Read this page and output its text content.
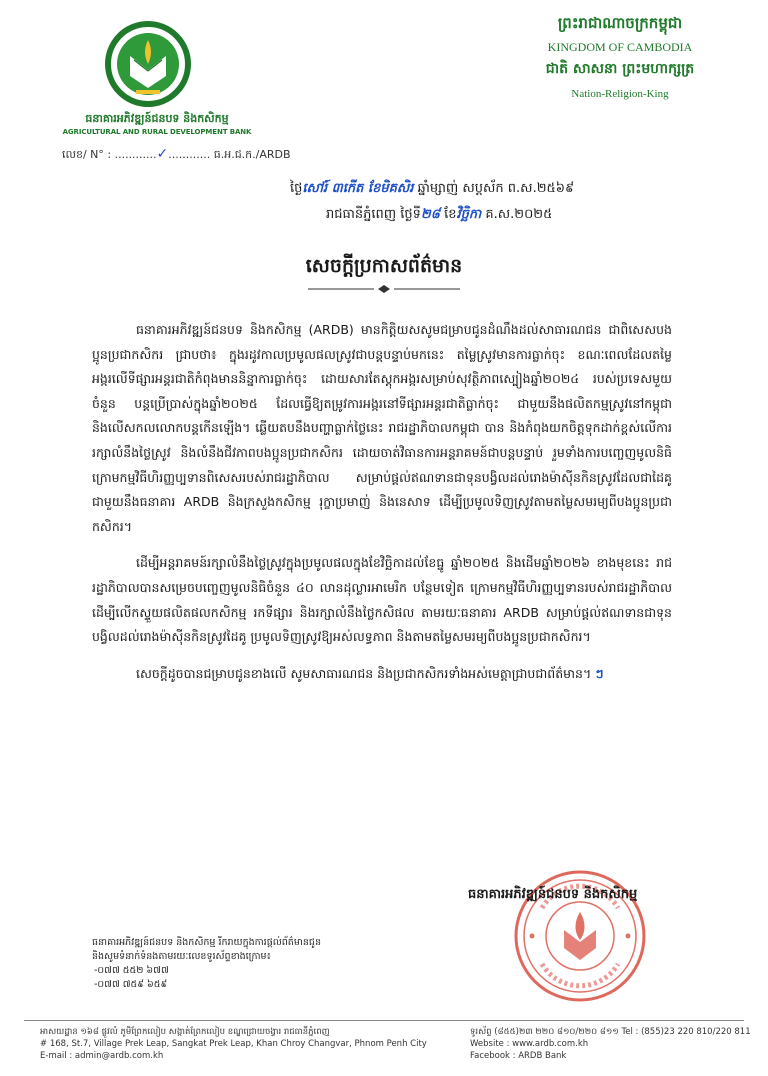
ធនាគារអភិវឌ្ឍន៍ជនបទ និងកសិកម្ម
AGRICULTURAL AND RURAL DEVELOPMENT BANK
លេខ/ N° : ............✓............ ធ.អ.ជ.ក./ARDB
ព្រះរាជាណាចក្រកម្ពុជា
KINGDOM OF CAMBODIA
ជាតិ សាសនា ព្រះមហាក្សត្រ
Nation-Religion-King
ថ្ងៃសៅរ៍ ៣កើត ខែមិគសិរ ឆ្នាំម្សាញ់ សប្តស័ក ព.ស.២៥៦៩
រាជធានីភ្នំពេញ ថ្ងៃទី២៨ ខែវិច្ឆិកា គ.ស.២០២៥
សេចក្តីប្រកាសព័ត៌មាន

ធនាគារអភិវឌ្ឍន៍ជនបទ និងកសិកម្ម (ARDB) មានកិត្តិយសសូមជម្រាបជូនដំណឹងដល់សាធារណជន ជាពិសេសបងប្អូនប្រជាកសិករ ជ្រាបថា៖ ក្នុងរដូវកាលប្រមូលផលស្រូវជាបន្តបន្ទាប់មកនេះ តម្លៃស្រូវមានការធ្លាក់ចុះ ខណៈពេលដែលតម្លៃអង្ករលើទីផ្សារអន្តរជាតិកំពុងមាននិន្នាការធ្លាក់ចុះ ដោយសារតែស្តុកអង្ករសម្រាប់សុវត្ថិភាពស្បៀងឆ្នាំ២០២៤ របស់ប្រទេសមួយចំនួន បន្តប្រើប្រាស់ក្នុងឆ្នាំ២០២៥ ដែលធ្វើឱ្យតម្រូវការអង្ករនៅទីផ្សារអន្តរជាតិធ្លាក់ចុះ ជាមួយនឹងផលិតកម្មស្រូវនៅកម្ពុជា និងលើសកលលោកបន្តកើនឡើង។ ឆ្លើយតបនឹងបញ្ហាធ្លាក់ថ្លៃនេះ រាជរដ្ឋាភិបាលកម្ពុជា បាន និងកំពុងយកចិត្តទុកដាក់ខ្ពស់លើការរក្សាលំនឹងថ្លៃស្រូវ និងលំនឹងជីវភាពបងប្អូនប្រជាកសិករ ដោយចាត់វិធានការអន្តរាគមន៍ជាបន្តបន្ទាប់ រួមទាំងការបញ្ចេញមូលនិធិ ក្រោមកម្មវិធីហិរញ្ញប្បទានពិសេសរបស់រាជរដ្ឋាភិបាល សម្រាប់ផ្តល់ឥណទានជាទុនបង្វិលដល់រោងម៉ាស៊ីនកិនស្រូវដែលជាដៃគូជាមួយនឹងធនាគារ ARDB និងក្រសួងកសិកម្ម រុក្ខាប្រមាញ់ និងនេសាទ ដើម្បីប្រមូលទិញស្រូវតាមតម្លៃសមរម្យពីបងប្អូនប្រជាកសិករ។

ដើម្បីអន្តរាគមន៍រក្សាលំនឹងថ្លៃស្រូវក្នុងប្រមូលផលក្នុងខែវិច្ឆិកាដល់ខែធ្នូ ឆ្នាំ២០២៥ និងដើមឆ្នាំ២០២៦ ខាងមុខនេះ រាជរដ្ឋាភិបាលបានសម្រេចបញ្ចេញមូលនិធិចំនួន ៤០ លានដុល្លារអាមេរិក បន្ថែមទៀត ក្រោមកម្មវិធីហិរញ្ញប្បទានរបស់រាជរដ្ឋាភិបាល ដើម្បីលើកស្ទួយផលិតផលកសិកម្ម រកទីផ្សារ និងរក្សាលំនឹងថ្លៃកសិផល តាមរយៈធនាគារ ARDB សម្រាប់ផ្តល់ឥណទានជាទុនបង្វិលដល់រោងម៉ាស៊ីនកិនស្រូវដៃគូ ប្រមូលទិញស្រូវឱ្យអស់លទ្ធភាព និងតាមតម្លៃសមរម្យពីបងប្អូនប្រជាកសិករ។

សេចក្តីដូចបានជម្រាបជូនខាងលើ សូមសាធារណជន និងប្រជាកសិករទាំងអស់មេត្តាជ្រាបជាព័ត៌មាន។ ៗ

ធនាគារអភិវឌ្ឍន៍ជនបទ និងកសិកម្ម
ធនាគារអភិវឌ្ឍន៍ជនបទ និងកសិកម្ម រីករាយក្នុងការផ្តល់ព័ត៌មានជូន
និងសូមទំនាក់ទំនងតាមរយៈលេខទូរស័ព្ទខាងក្រោម៖
-០៧៧ ៥៥២ ៦៧៧
-០៧៧ ៧៥៩ ៦៥៩
អាសយដ្ឋាន ១៦៨ ផ្លូវលំ ភូមិព្រែកលៀប សង្កាត់ព្រែកលៀប ខណ្ឌជ្រោយចង្វារ រាជធានីភ្នំពេញ
# 168, St.7, Village Prek Leap, Sangkat Prek Leap, Khan Chroy Changvar, Phnom Penh City
E-mail : admin@ardb.com.kh
ទូរស័ព្ទ (៨៥៥)២៣ ២២០ ៨១០/២២០ ៨១១ Tel : (855)23 220 810/220 811
Website : www.ardb.com.kh
Facebook : ARDB Bank
